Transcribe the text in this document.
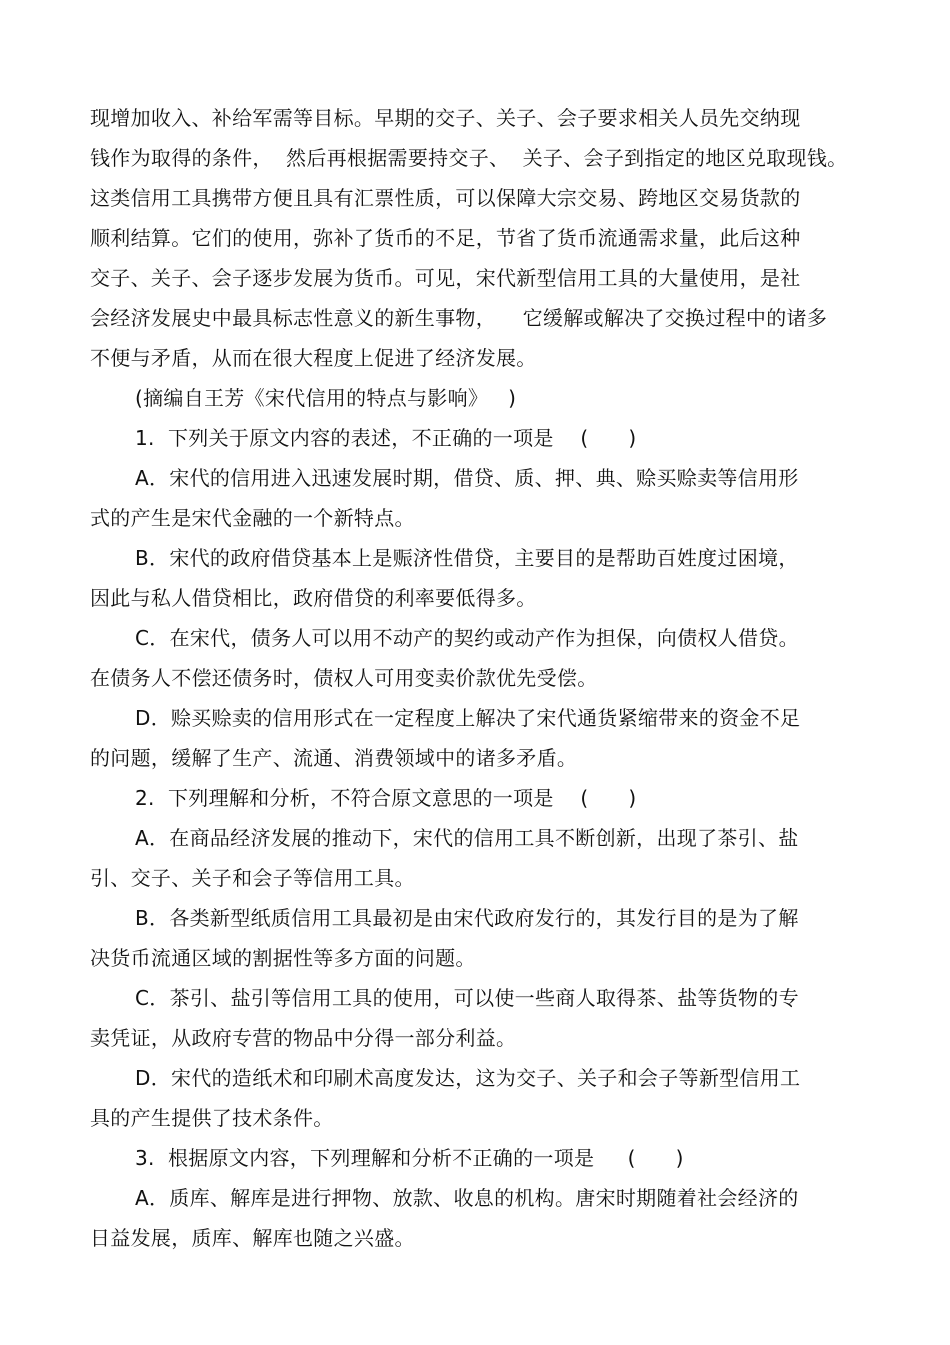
现增加收入、补给军需等目标。早期的交子、关子、会子要求相关人员先交纳现
钱作为取得的条件，  然后再根据需要持交子、  关子、会子到指定的地区兑取现钱。
这类信用工具携带方便且具有汇票性质，可以保障大宗交易、跨地区交易货款的
顺利结算。它们的使用，弥补了货币的不足，节省了货币流通需求量，此后这种
交子、关子、会子逐步发展为货币。可见，宋代新型信用工具的大量使用，是社
会经济发展史中最具标志性意义的新生事物，    它缓解或解决了交换过程中的诸多
不便与矛盾，从而在很大程度上促进了经济发展。
(摘编自王芳《宋代信用的特点与影响》   )
1.  下列关于原文内容的表述，不正确的一项是    (      )
A．宋代的信用进入迅速发展时期，借贷、质、押、典、赊买赊卖等信用形
式的产生是宋代金融的一个新特点。
B．宋代的政府借贷基本上是赈济性借贷，主要目的是帮助百姓度过困境，
因此与私人借贷相比，政府借贷的利率要低得多。
C．在宋代，债务人可以用不动产的契约或动产作为担保，向债权人借贷。
在债务人不偿还债务时，债权人可用变卖价款优先受偿。
D．赊买赊卖的信用形式在一定程度上解决了宋代通货紧缩带来的资金不足
的问题，缓解了生产、流通、消费领域中的诸多矛盾。
2.  下列理解和分析，不符合原文意思的一项是    (      )
A．在商品经济发展的推动下，宋代的信用工具不断创新，出现了茶引、盐
引、交子、关子和会子等信用工具。
B．各类新型纸质信用工具最初是由宋代政府发行的，其发行目的是为了解
决货币流通区域的割据性等多方面的问题。
C．茶引、盐引等信用工具的使用，可以使一些商人取得茶、盐等货物的专
卖凭证，从政府专营的物品中分得一部分利益。
D．宋代的造纸术和印刷术高度发达，这为交子、关子和会子等新型信用工
具的产生提供了技术条件。
3.  根据原文内容，下列理解和分析不正确的一项是     (      )
A．质库、解库是进行押物、放款、收息的机构。唐宋时期随着社会经济的
日益发展，质库、解库也随之兴盛。
